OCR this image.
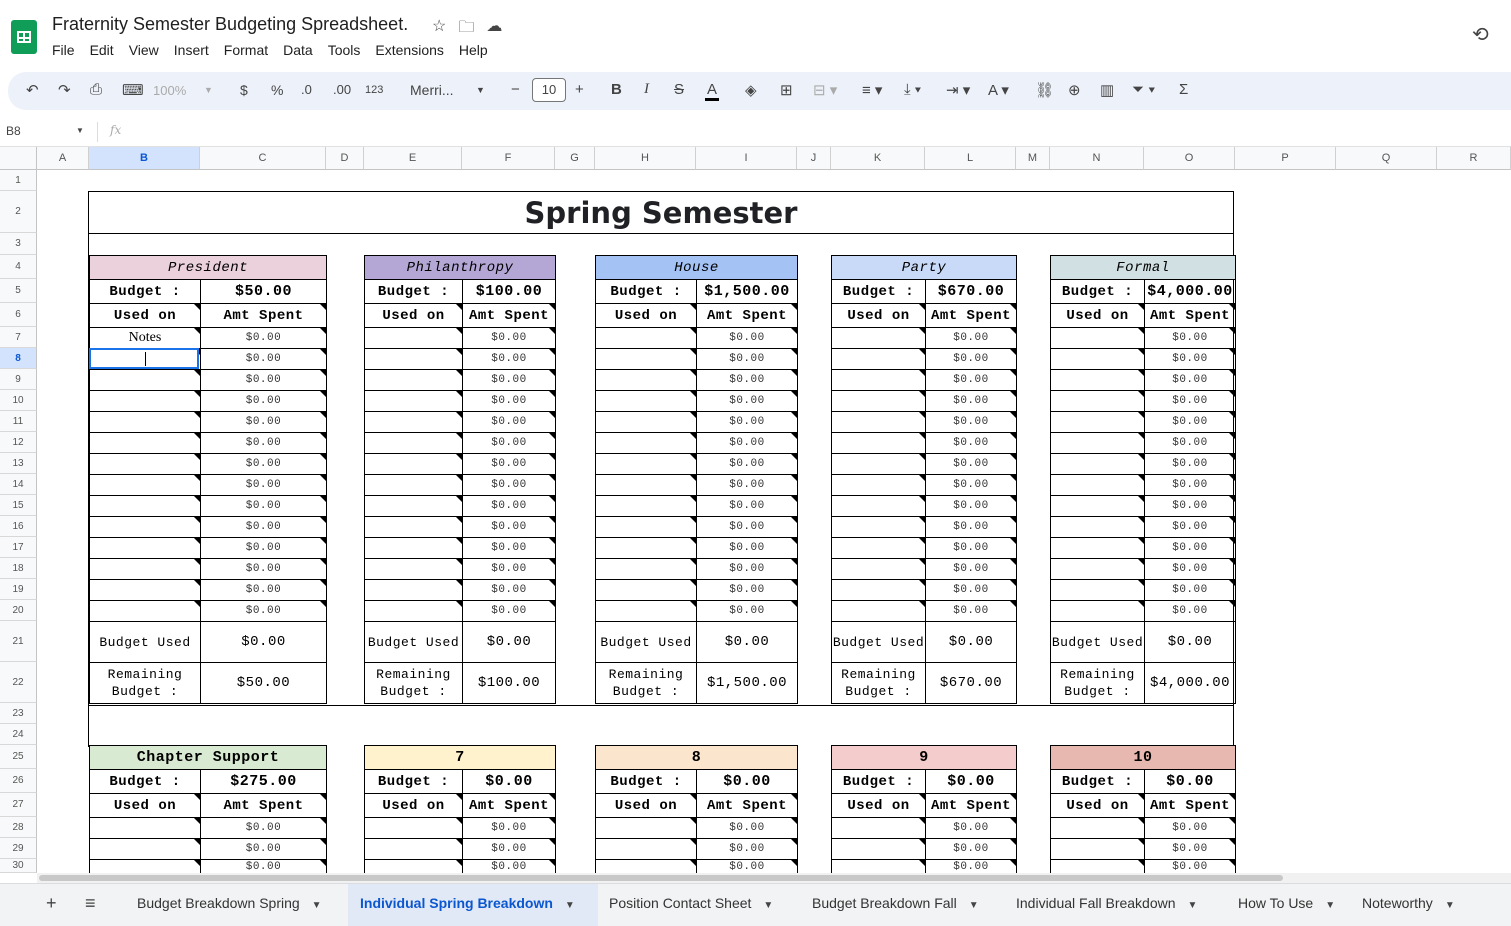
Fraternity Semester Budgeting Spreadsheet. ☆ 🗀 ☁
File Edit View Insert Format Data Tools Extensions Help
⟲
↶ ↷ ⎙ ⌨ 100% ▼ $ % .0 .00 123 Merri... ▼ −	10	+ B I S A ◈ ⊞ ⊟ ▾ ≡ ▾ ⤓ ▾ ⇥ ▾ A ▾ ⛓ ⊕ ▥ ⏷ ▾ Σ
B8	▼ fx
A	B	C	D	E	F	G	H	I	J	K	L	M	N	O	P	Q	R
1
2
3
4
5
6
7
8
9
10
11
12
13
14
15
16
17
18
19
20
21
22
23
24
25
26
27
28
29
30
Spring Semester
President
Budget :	$50.00
Used on	Amt Spent
Notes	$0.00
$0.00
$0.00
$0.00
$0.00
$0.00
$0.00
$0.00
$0.00
$0.00
$0.00
$0.00
$0.00
$0.00
Budget Used	$0.00
Remaining Budget :
$50.00
Philanthropy
Budget :	$100.00
Used on	Amt Spent
$0.00
$0.00
$0.00
$0.00
$0.00
$0.00
$0.00
$0.00
$0.00
$0.00
$0.00
$0.00
$0.00
$0.00
Budget Used	$0.00
Remaining Budget :
$100.00
House
Budget :	$1,500.00
Used on	Amt Spent
$0.00
$0.00
$0.00
$0.00
$0.00
$0.00
$0.00
$0.00
$0.00
$0.00
$0.00
$0.00
$0.00
$0.00
Budget Used	$0.00
Remaining Budget :
$1,500.00
Party
Budget :	$670.00
Used on	Amt Spent
$0.00
$0.00
$0.00
$0.00
$0.00
$0.00
$0.00
$0.00
$0.00
$0.00
$0.00
$0.00
$0.00
$0.00
Budget Used	$0.00
Remaining Budget :
$670.00
Formal
Budget : $4,000.00
Used on	Amt Spent
$0.00
$0.00
$0.00
$0.00
$0.00
$0.00
$0.00
$0.00
$0.00
$0.00
$0.00
$0.00
$0.00
$0.00
Budget Used	$0.00
Remaining Budget :
$4,000.00
Chapter Support
Budget :	$275.00
Used on	Amt Spent
$0.00
$0.00
$0.00
7
Budget :	$0.00
Used on	Amt Spent
$0.00
$0.00
$0.00
8
Budget :	$0.00
Used on	Amt Spent
$0.00
$0.00
$0.00
9
Budget :	$0.00
Used on	Amt Spent
$0.00
$0.00
$0.00
10
Budget :	$0.00
Used on	Amt Spent
$0.00
$0.00
$0.00
+ ≡	Budget Breakdown Spring ▼	Individual Spring Breakdown ▼ Position Contact Sheet ▼	Budget Breakdown Fall ▼	Individual Fall Breakdown ▼	How To Use ▼ Noteworthy ▼
